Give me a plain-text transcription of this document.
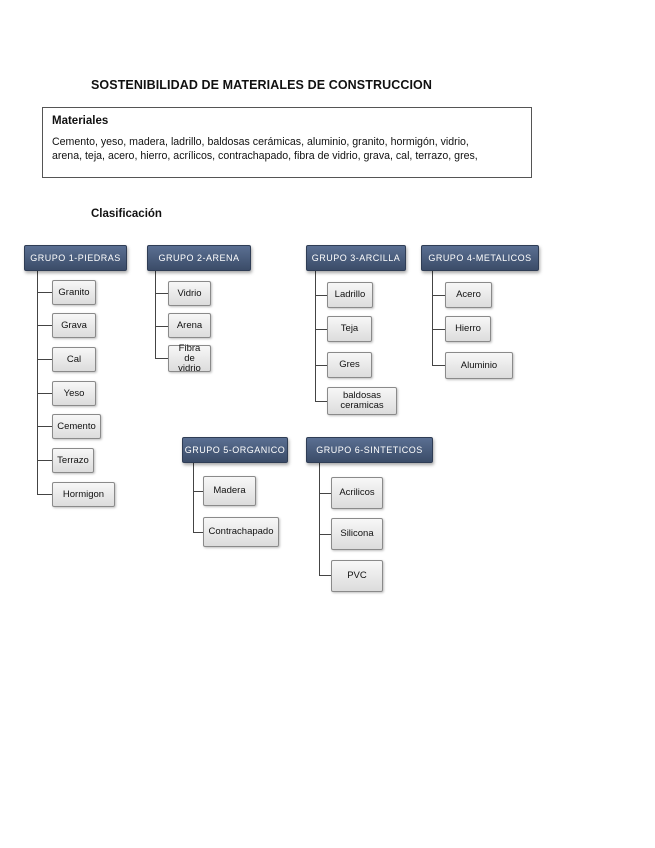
SOSTENIBILIDAD DE MATERIALES DE CONSTRUCCION
Materiales
Cemento, yeso, madera, ladrillo, baldosas cerámicas, aluminio, granito, hormigón, vidrio,
arena, teja, acero, hierro, acrílicos, contrachapado, fibra de vidrio, grava, cal, terrazo, gres,
Clasificación
GRUPO 1-PIEDRAS
Granito
Grava
Cal
Yeso
Cemento
Terrazo
Hormigon
GRUPO 2-ARENA
Vidrio
Arena
Fibra de vidrio
GRUPO 3-ARCILLA
Ladrillo
Teja
Gres
baldosas ceramicas
GRUPO 4-METALICOS
Acero
Hierro
Aluminio
GRUPO 5-ORGANICO
Madera
Contrachapado
GRUPO 6-SINTETICOS
Acrilicos
Silicona
PVC
